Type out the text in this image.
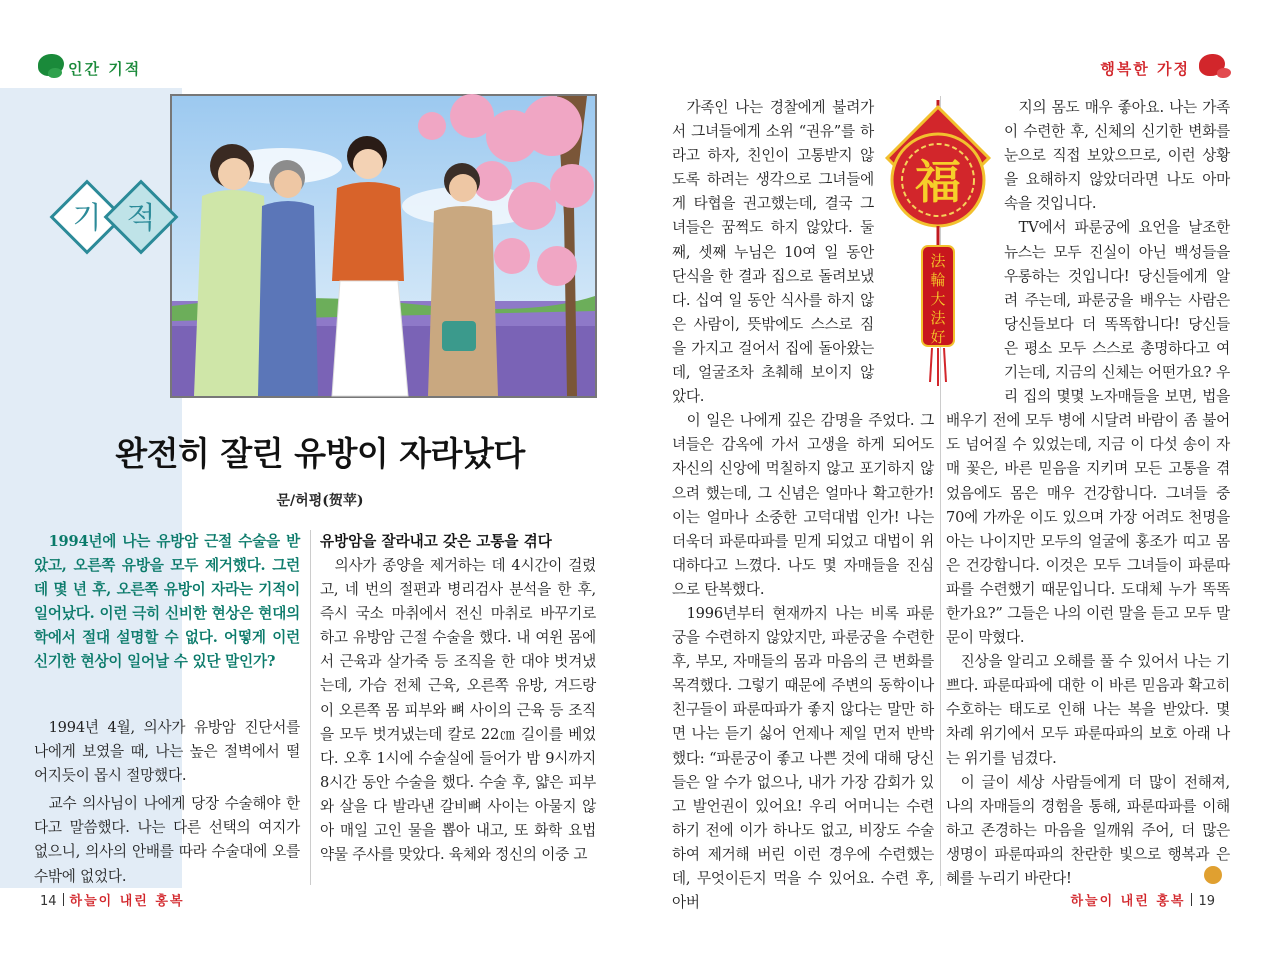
인간 기적
기 적
완전히 잘린 유방이 자라났다
문/허평(贺苹)
1994년에 나는 유방암 근절 수술을 받았고, 오른쪽 유방을 모두 제거했다. 그런데 몇 년 후, 오른쪽 유방이 자라는 기적이 일어났다. 이런 극히 신비한 현상은 현대의학에서 절대 설명할 수 없다. 어떻게 이런 신기한 현상이 일어날 수 있단 말인가?

1994년 4월, 의사가 유방암 진단서를 나에게 보였을 때, 나는 높은 절벽에서 떨어지듯이 몹시 절망했다.

교수 의사님이 나에게 당장 수술해야 한다고 말씀했다. 나는 다른 선택의 여지가 없으니, 의사의 안배를 따라 수술대에 오를 수밖에 없었다.

유방암을 잘라내고 갖은 고통을 겪다

의사가 종양을 제거하는 데 4시간이 걸렸고, 네 번의 절편과 병리검사 분석을 한 후, 즉시 국소 마취에서 전신 마취로 바꾸기로 하고 유방암 근절 수술을 했다. 내 여윈 몸에서 근육과 살가죽 등 조직을 한 대야 벗겨냈는데, 가슴 전체 근육, 오른쪽 유방, 겨드랑이 오른쪽 몸 피부와 뼈 사이의 근육 등 조직을 모두 벗겨냈는데 칼로 22㎝ 길이를 베었다. 오후 1시에 수술실에 들어가 밤 9시까지 8시간 동안 수술을 했다. 수술 후, 얇은 피부와 살을 다 발라낸 갈비뼈 사이는 아물지 않아 매일 고인 물을 뽑아 내고, 또 화학 요법 약물 주사를 맞았다. 육체와 정신의 이중 고

14 하늘이 내린 홍복
행복한 가정

가족인 나는 경찰에게 불려가서 그녀들에게 소위 “권유”를 하라고 하자, 친인이 고통받지 않도록 하려는 생각으로 그녀들에게 타협을 권고했는데, 결국 그녀들은 꿈쩍도 하지 않았다. 둘째, 셋째 누님은 10여 일 동안 단식을 한 결과 집으로 돌려보냈다. 십여 일 동안 식사를 하지 않은 사람이, 뜻밖에도 스스로 짐을 가지고 걸어서 집에 돌아왔는데, 얼굴조차 초췌해 보이지 않았다.

이 일은 나에게 깊은 감명을 주었다. 그녀들은 감옥에 가서 고생을 하게 되어도 자신의 신앙에 먹칠하지 않고 포기하지 않으려 했는데, 그 신념은 얼마나 확고한가! 이는 얼마나 소중한 고덕대법 인가! 나는 더욱더 파룬따파를 믿게 되었고 대법이 위대하다고 느꼈다. 나도 몇 자매들을 진심으로 탄복했다.

1996년부터 현재까지 나는 비록 파룬궁을 수련하지 않았지만, 파룬궁을 수련한 후, 부모, 자매들의 몸과 마음의 큰 변화를 목격했다. 그렇기 때문에 주변의 동학이나 친구들이 파룬따파가 좋지 않다는 말만 하면 나는 듣기 싫어 언제나 제일 먼저 반박했다: “파룬궁이 좋고 나쁜 것에 대해 당신들은 알 수가 없으나, 내가 가장 감회가 있고 발언권이 있어요! 우리 어머니는 수련하기 전에 이가 하나도 없고, 비장도 수술하여 제거해 버린 이런 경우에 수련했는데, 무엇이든지 먹을 수 있어요. 수련 후, 아버

지의 몸도 매우 좋아요. 나는 가족이 수련한 후, 신체의 신기한 변화를 눈으로 직접 보았으므로, 이런 상황을 요해하지 않았더라면 나도 아마 속을 것입니다.

TV에서 파룬궁에 요언을 날조한 뉴스는 모두 진실이 아닌 백성들을 우롱하는 것입니다! 당신들에게 알려 주는데, 파룬궁을 배우는 사람은 당신들보다 더 똑똑합니다! 당신들은 평소 모두 스스로 총명하다고 여기는데, 지금의 신체는 어떤가요? 우리 집의 몇몇 노자매들을 보면, 법을 배우기 전에 모두 병에 시달려 바람이 좀 불어도 넘어질 수 있었는데, 지금 이 다섯 송이 자매 꽃은, 바른 믿음을 지키며 모든 고통을 겪었음에도 몸은 매우 건강합니다. 그녀들 중 70에 가까운 이도 있으며 가장 어려도 천명을 아는 나이지만 모두의 얼굴에 홍조가 띠고 몸은 건강합니다. 이것은 모두 그녀들이 파룬따파를 수련했기 때문입니다. 도대체 누가 똑똑한가요?” 그들은 나의 이런 말을 듣고 모두 말문이 막혔다.

진상을 알리고 오해를 풀 수 있어서 나는 기쁘다. 파룬따파에 대한 이 바른 믿음과 확고히 수호하는 태도로 인해 나는 복을 받았다. 몇 차례 위기에서 모두 파룬따파의 보호 아래 나는 위기를 넘겼다.

이 글이 세상 사람들에게 더 많이 전해져, 나의 자매들의 경험을 통해, 파룬따파를 이해하고 존경하는 마음을 일깨워 주어, 더 많은 생명이 파룬따파의 찬란한 빛으로 행복과 은혜를 누리기 바란다!

福
法
輪
大
法
好
하늘이 내린 홍복 19
